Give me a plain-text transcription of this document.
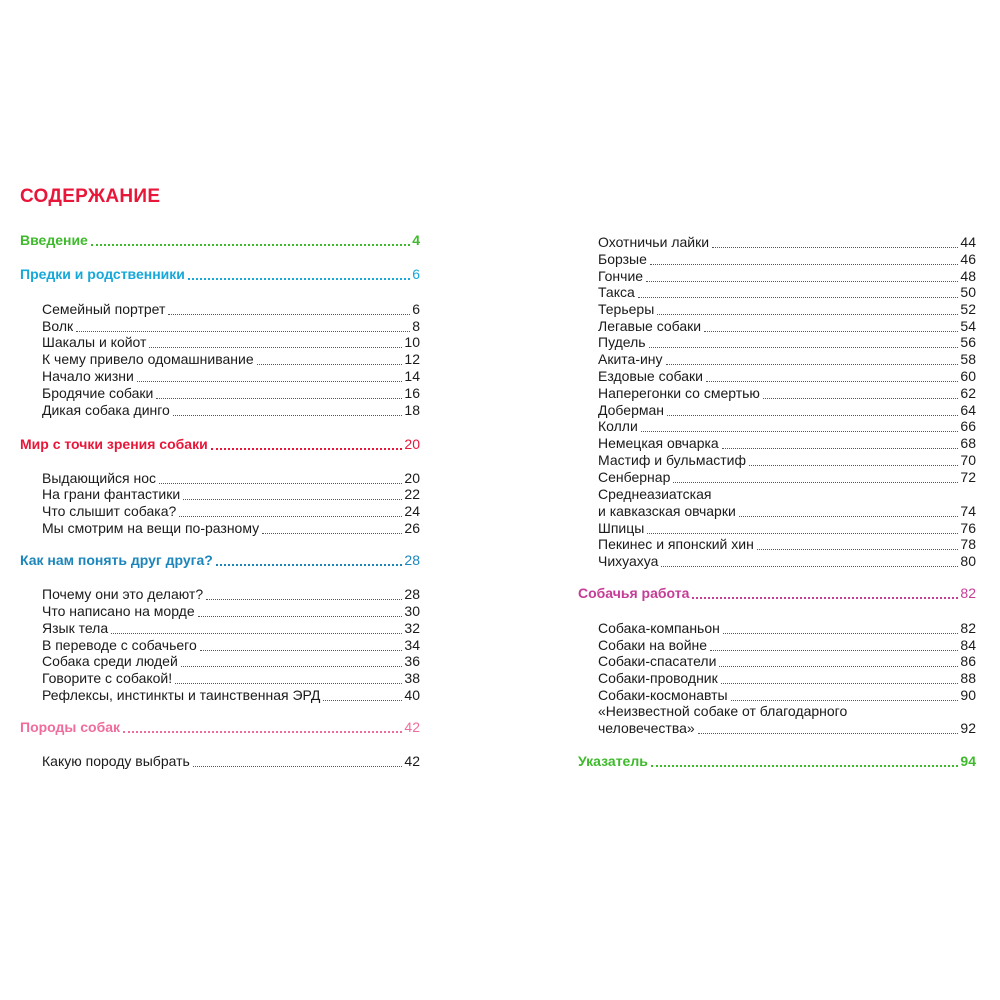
СОДЕРЖАНИЕ
Введение	4
Предки и родственники	6
Семейный портрет	6
Волк	8
Шакалы и койот	10
К чему привело одомашнивание	12
Начало жизни	14
Бродячие собаки	16
Дикая собака динго	18
Мир с точки зрения собаки	20
Выдающийся нос	20
На грани фантастики	22
Что слышит собака?	24
Мы смотрим на вещи по-разному	26
Как нам понять друг друга?	28
Почему они это делают?	28
Что написано на морде	30
Язык тела	32
В переводе с собачьего	34
Собака среди людей	36
Говорите с собакой!	38
Рефлексы, инстинкты и таинственная ЭРД	40
Породы собак	42
Какую породу выбрать	42
Охотничьи лайки	44
Борзые	46
Гончие	48
Такса	50
Терьеры	52
Легавые собаки	54
Пудель	56
Акита-ину	58
Ездовые собаки	60
Наперегонки со смертью	62
Доберман	64
Колли	66
Немецкая овчарка	68
Мастиф и бульмастиф	70
Сенбернар	72
Среднеазиатская
и кавказская овчарки	74
Шпицы	76
Пекинес и японский хин	78
Чихуахуа	80
Собачья работа	82
Собака-компаньон	82
Собаки на войне	84
Собаки-спасатели	86
Собаки-проводник	88
Собаки-космонавты	90
«Неизвестной собаке от благодарного
человечества»	92
Указатель	94
